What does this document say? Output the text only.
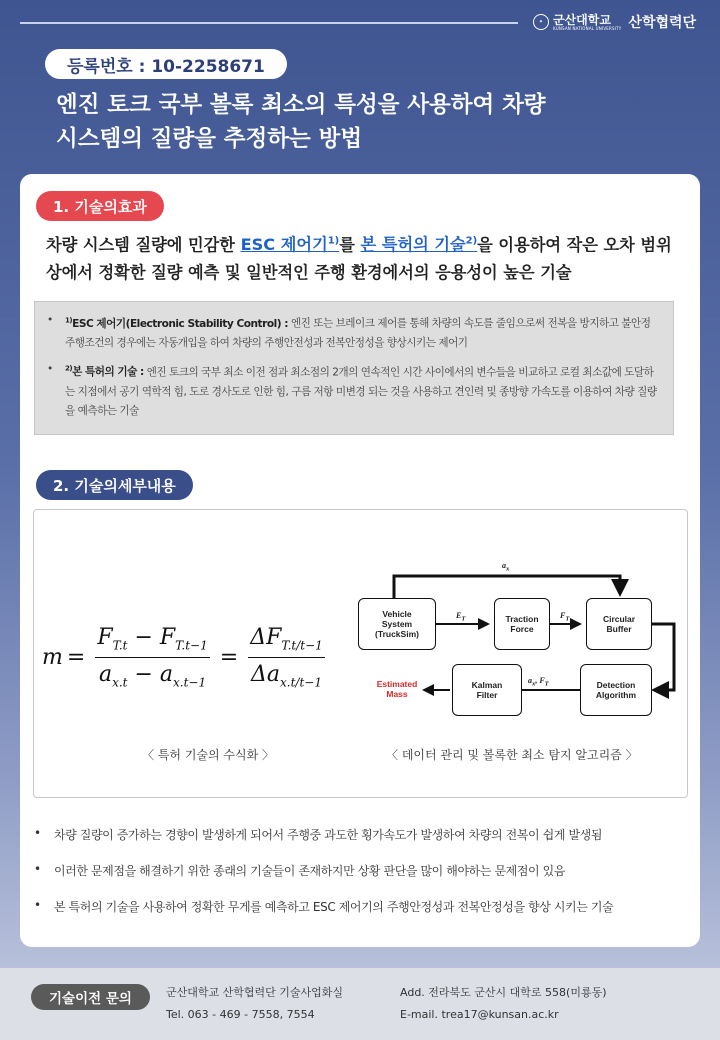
✦ 군산대학교
KUNSAN NATIONAL UNIVERSITY 산학협력단
등록번호 : 10-2258671
엔진 토크 국부 볼록 최소의 특성을 사용하여 차량
시스템의 질량을 추정하는 방법
1. 기술의효과
차량 시스템 질량에 민감한 ESC 제어기$^{1)}$를 본 특허의 기술$^{2)}$을 이용하여 작은 오차 범위 상에서 정확한 질량 예측 및 일반적인 주행 환경에서의 응용성이 높은 기술
•	$^{1)}$ESC 제어기(Electronic Stability Control) : 엔진 또는 브레이크 제어를 통해 차량의 속도를 줄임으로써 전복을 방지하고 불안정 주행조건의 경우에는 자동개입을 하여 차량의 주행안전성과 전복안정성을 향상시키는 제어기
•	$^{2)}$본 특허의 기술 : 엔진 토크의 국부 최소 이전 점과 최소점의 2개의 연속적인 시간 사이에서의 변수들을 비교하고 로컬 최소값에 도달하는 지점에서 공기 역학적 힘, 도로 경사도로 인한 힘, 구름 저항 미변경 되는 것을 사용하고 견인력 및 종방향 가속도를 이용하여 차량 질량을 예측하는 기술
2. 기술의세부내용
$m = \frac{F_{T.t} - F_{T.t-1}}{a_{x.t} - a_{x.t-1}} = \frac{\Delta F_{T.t/t-1}}{\Delta a_{x.t/t-1}}$
Vehicle
System
(TruckSim)
Traction
Force
Circular
Buffer
Detection
Algorithm
Kalman
Filter
Estimated
Mass
$a_x$
$E_T$	$F_T$
$a_x$, $F_T$
〈 특허 기술의 수식화 〉	〈 데이터 관리 및 볼록한 최소 탐지 알고리즘 〉
•	차량 질량이 증가하는 경향이 발생하게 되어서 주행중 과도한 횡가속도가 발생하여 차량의 전복이 쉽게 발생됨
•	이러한 문제점을 해결하기 위한 종래의 기술들이 존재하지만 상황 판단을 많이 해야하는 문제점이 있음
•	본 특허의 기술을 사용하여 정확한 무게를 예측하고 ESC 제어기의 주행안정성과 전복안정성을 향상 시키는 기술
기술이전 문의	군산대학교 산학협력단 기술사업화실
Tel. 063 - 469 - 7558, 7554
Add. 전라북도 군산시 대학로 558(미룡동)
E-mail. trea17@kunsan.ac.kr
